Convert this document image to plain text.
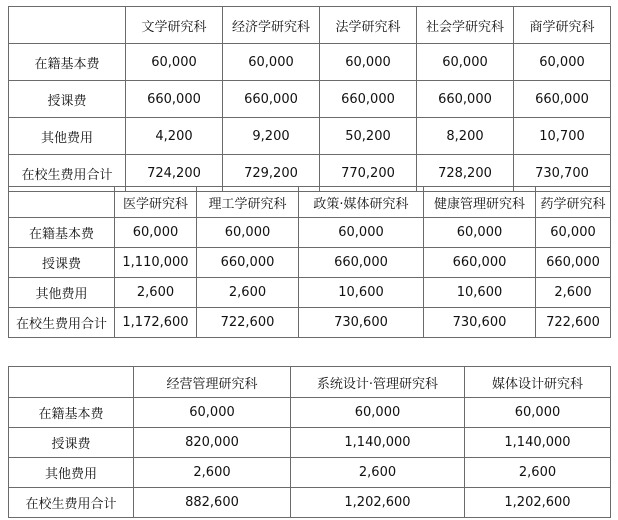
	文学研究科	经济学研究科	法学研究科	社会学研究科	商学研究科
在籍基本费	60,000	60,000	60,000	60,000	60,000
授课费	660,000	660,000	660,000	660,000	660,000
其他费用	4,200	9,200	50,200	8,200	10,700
在校生费用合计	724,200	729,200	770,200	728,200	730,700
	医学研究科	理工学研究科	政策·媒体研究科	健康管理研究科	药学研究科
在籍基本费	60,000	60,000	60,000	60,000	60,000
授课费	1,110,000	660,000	660,000	660,000	660,000
其他费用	2,600	2,600	10,600	10,600	2,600
在校生费用合计	1,172,600	722,600	730,600	730,600	722,600
	经营管理研究科	系统设计·管理研究科	媒体设计研究科
在籍基本费	60,000	60,000	60,000
授课费	820,000	1,140,000	1,140,000
其他费用	2,600	2,600	2,600
在校生费用合计	882,600	1,202,600	1,202,600
